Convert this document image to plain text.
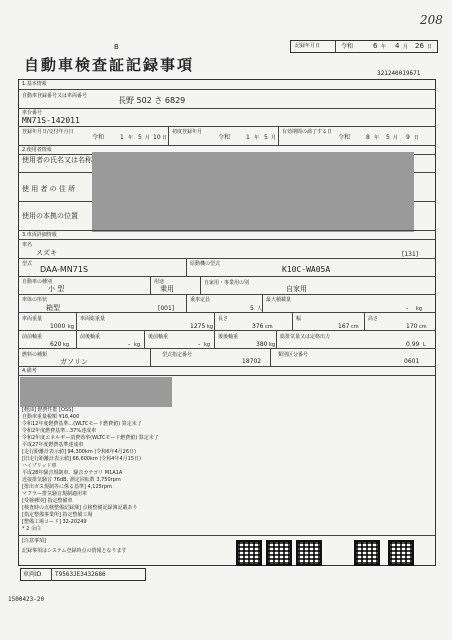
208
B	記録年月日	令和	6 年 4 月 26 日
自動車検査証記録事項	321240019671
1.基本情報
自動車登録番号又は車両番号	長野 502 さ 6829
車台番号
MN71S-142011
登録年月日/交付年月日
令和	1 年 5 月 10 日
初度登録年月
令和	1 年 5 月
有効期間の満了する日
令和	8 年 5 月 9 日
2.使用者情報
使用者の氏名又は名称
使 用 者 の 住 所
使用の本拠の位置
3.車両詳細情報
車名
スズキ	[131]
型式
DAA-MN71S
原動機の型式
K10C-WA05A
自動車の種別
小 型
用途
乗用
自家用・事業用の別
自家用
車体の形状
箱型	[001]
乗車定員
5 人
最大積載量
- kg
車両重量
1000 kg
車両総重量
1275 kg
長さ
376 cm
幅
167 cm
高さ
170 cm
前前軸重
620 kg
前後軸重
- kg
後前軸重
- kg
後後軸重
380 kg
総排気量又は定格出力
0.99 L
燃料の種類
ガソリン
型式指定番号
18702
類別区分番号
0601
4.備考
[軽油] 燃費性能 [OSS]
自動車重量税額 ¥16,400
令和12年度燃費基準...(WLTCモード燃費値) 算定未了
令和2年度燃費基準...37%達成車
令和2年度エネルギー消費効率(WLTCモード燃費値) 算定未了
平成27年度燃費基準達成車
[走行距離計表示値] 94,300km (令和6年4月26日)
[旧走行距離計表示値] 66,600km (令和4年4月15日)
ハイブリッド車
平成28年騒音規制車、騒音カテゴリ M1A1A
近接排気騒音 76dB, 測定回転数 3,750rpm
[排出ガス規制等に係る基準] 4,125rpm
マフラー排気騒音規制適用車
[受検種別] 指定整備車
[検査時の点検整備記録簿] 点検整備記録簿記載あり
[指定整備事業所] 指定整備工場
[整備工場コード] 32-20249
* 2 余白
[注意事項]
記録事項はシステム登録時点の情報となります
車両ID T9563JE3432686
1500423-20
